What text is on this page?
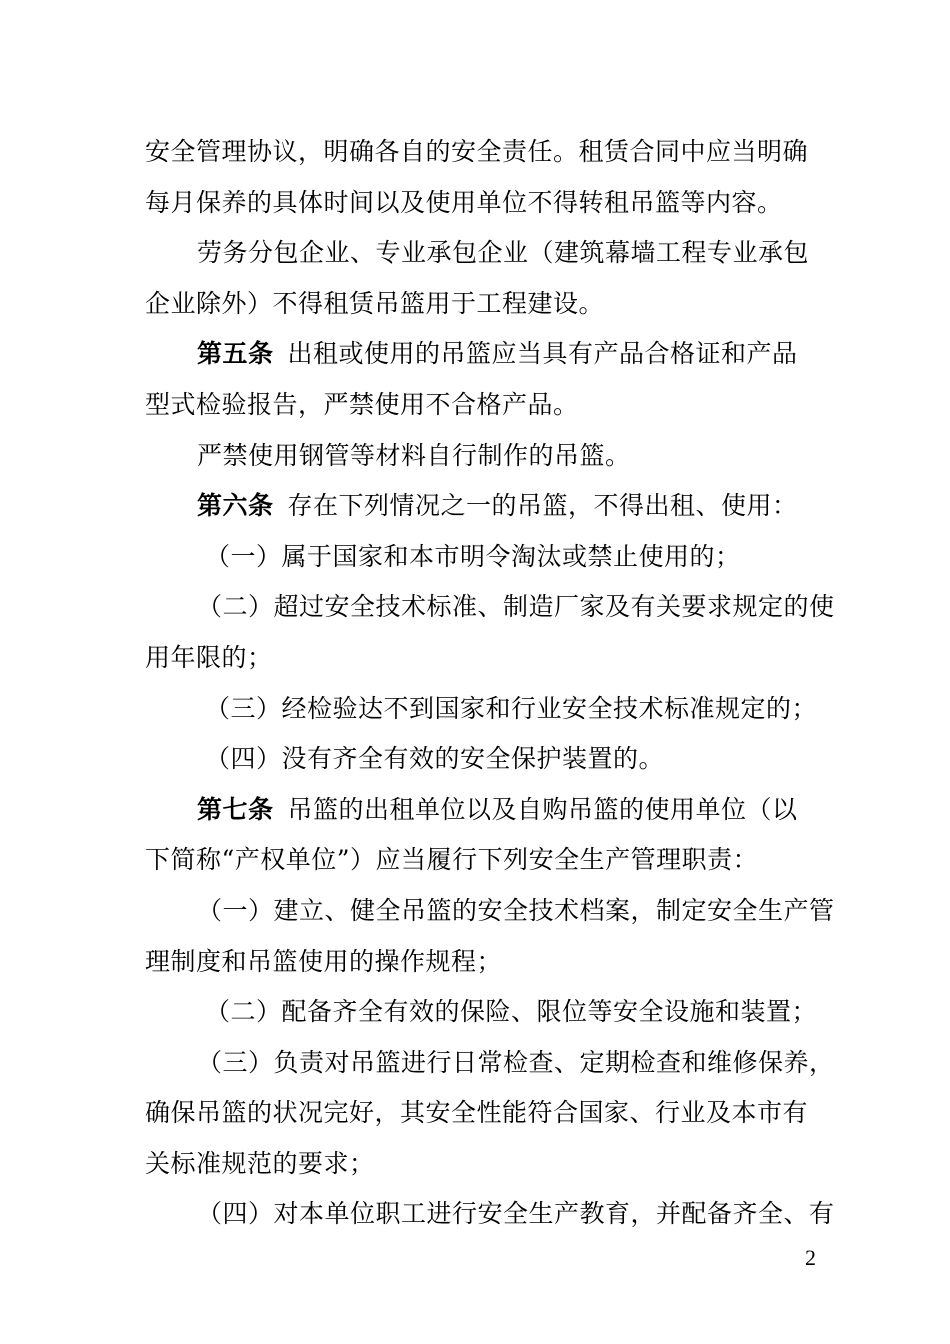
安全管理协议，明确各自的安全责任。租赁合同中应当明确
每月保养的具体时间以及使用单位不得转租吊篮等内容。
劳务分包企业、专业承包企业（建筑幕墙工程专业承包
企业除外）不得租赁吊篮用于工程建设。
第五条 出租或使用的吊篮应当具有产品合格证和产品
型式检验报告，严禁使用不合格产品。
严禁使用钢管等材料自行制作的吊篮。
第六条 存在下列情况之一的吊篮，不得出租、使用：
（一）属于国家和本市明令淘汰或禁止使用的；
（二）超过安全技术标准、制造厂家及有关要求规定的使
用年限的；
（三）经检验达不到国家和行业安全技术标准规定的；
（四）没有齐全有效的安全保护装置的。
第七条 吊篮的出租单位以及自购吊篮的使用单位（以
下简称“产权单位”）应当履行下列安全生产管理职责：
（一）建立、健全吊篮的安全技术档案，制定安全生产管
理制度和吊篮使用的操作规程；
（二）配备齐全有效的保险、限位等安全设施和装置；
（三）负责对吊篮进行日常检查、定期检查和维修保养，
确保吊篮的状况完好，其安全性能符合国家、行业及本市有
关标准规范的要求；
（四）对本单位职工进行安全生产教育，并配备齐全、有
2
